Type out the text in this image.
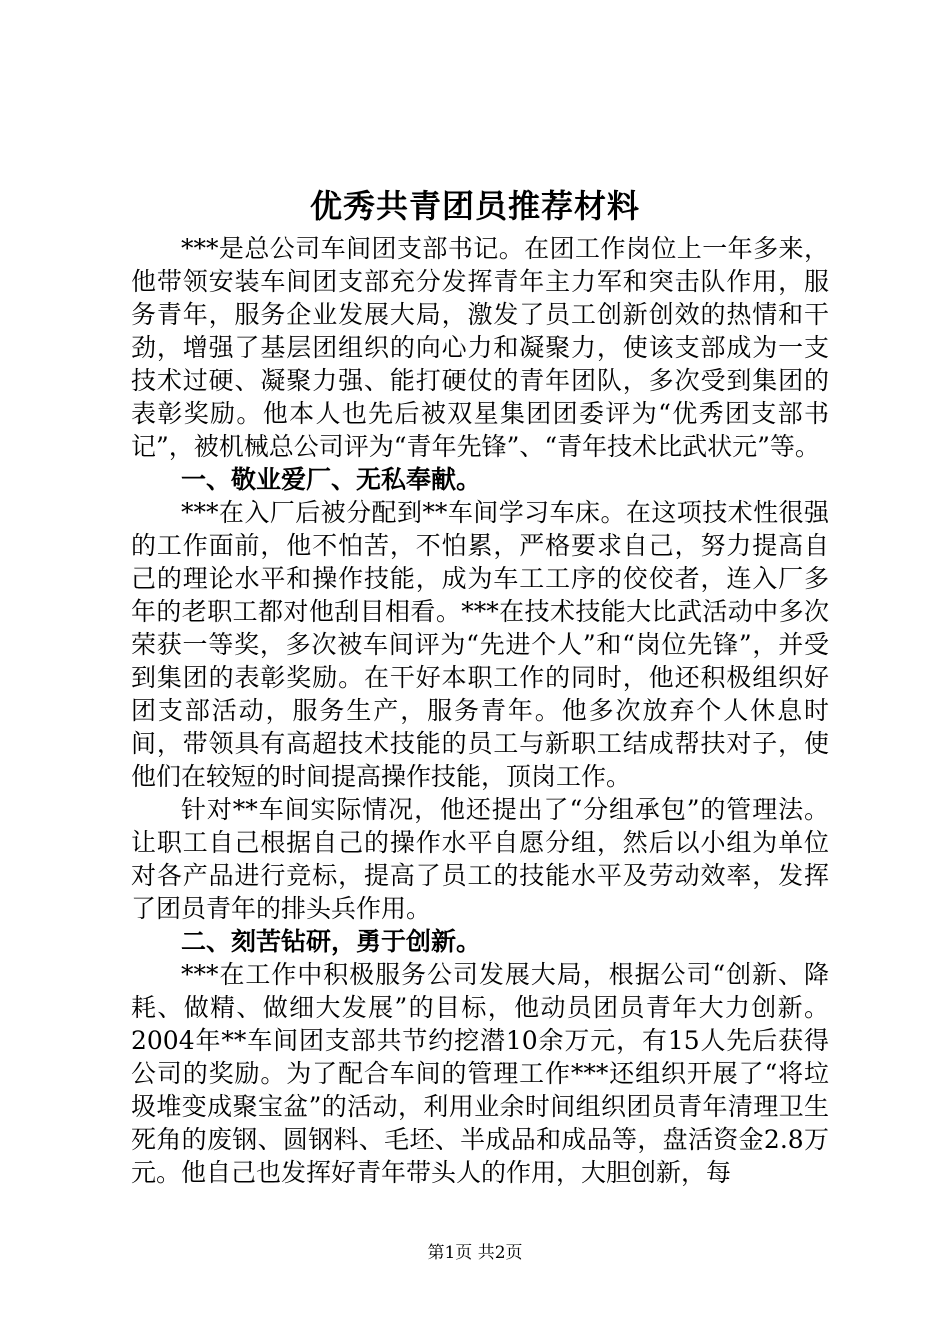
优秀共青团员推荐材料

***是总公司车间团支部书记。在团工作岗位上一年多来，他带领安装车间团支部充分发挥青年主力军和突击队作用，服务青年，服务企业发展大局，激发了员工创新创效的热情和干劲，增强了基层团组织的向心力和凝聚力，使该支部成为一支技术过硬、凝聚力强、能打硬仗的青年团队，多次受到集团的表彰奖励。他本人也先后被双星集团团委评为“优秀团支部书记”，被机械总公司评为“青年先锋”、“青年技术比武状元”等。

一、敬业爱厂、无私奉献。

***在入厂后被分配到**车间学习车床。在这项技术性很强的工作面前，他不怕苦，不怕累，严格要求自己，努力提高自己的理论水平和操作技能，成为车工工序的佼佼者，连入厂多年的老职工都对他刮目相看。***在技术技能大比武活动中多次荣获一等奖，多次被车间评为“先进个人”和“岗位先锋”，并受到集团的表彰奖励。在干好本职工作的同时，他还积极组织好团支部活动，服务生产，服务青年。他多次放弃个人休息时间，带领具有高超技术技能的员工与新职工结成帮扶对子，使他们在较短的时间提高操作技能，顶岗工作。

针对**车间实际情况，他还提出了“分组承包”的管理法。让职工自己根据自己的操作水平自愿分组，然后以小组为单位对各产品进行竞标，提高了员工的技能水平及劳动效率，发挥了团员青年的排头兵作用。

二、刻苦钻研，勇于创新。

***在工作中积极服务公司发展大局，根据公司“创新、降耗、做精、做细大发展”的目标，他动员团员青年大力创新。2004年**车间团支部共节约挖潜10余万元，有15人先后获得公司的奖励。为了配合车间的管理工作***还组织开展了“将垃圾堆变成聚宝盆”的活动，利用业余时间组织团员青年清理卫生死角的废钢、圆钢料、毛坯、半成品和成品等，盘活资金2.8万元。他自己也发挥好青年带头人的作用，大胆创新，每

第1页 共2页
